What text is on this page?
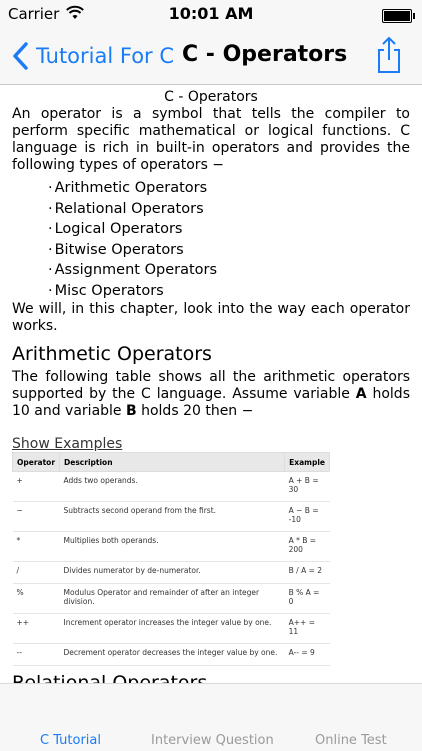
Carrier	10:01 AM
Tutorial For C C - Operators
C - Operators

An operator is a symbol that tells the compiler to perform specific mathematical or logical functions. C language is rich in built-in operators and provides the following types of operators −

· Arithmetic Operators
· Relational Operators
· Logical Operators
· Bitwise Operators
· Assignment Operators
· Misc Operators

We will, in this chapter, look into the way each operator works.

Arithmetic Operators

The following table shows all the arithmetic operators supported by the C language. Assume variable A holds 10 and variable B holds 20 then −

Show Examples
Operator	Description	Example
+	Adds two operands.	A + B = 30
−	Subtracts second operand from the first.	A − B = -10
*	Multiplies both operands.	A * B = 200
/	Divides numerator by de-numerator.	B / A = 2
%	Modulus Operator and remainder of after an integer division.	B % A = 0
++	Increment operator increases the integer value by one.	A++ = 11
--	Decrement operator decreases the integer value by one.	A-- = 9

C Tutorial	Interview Question	Online Test
